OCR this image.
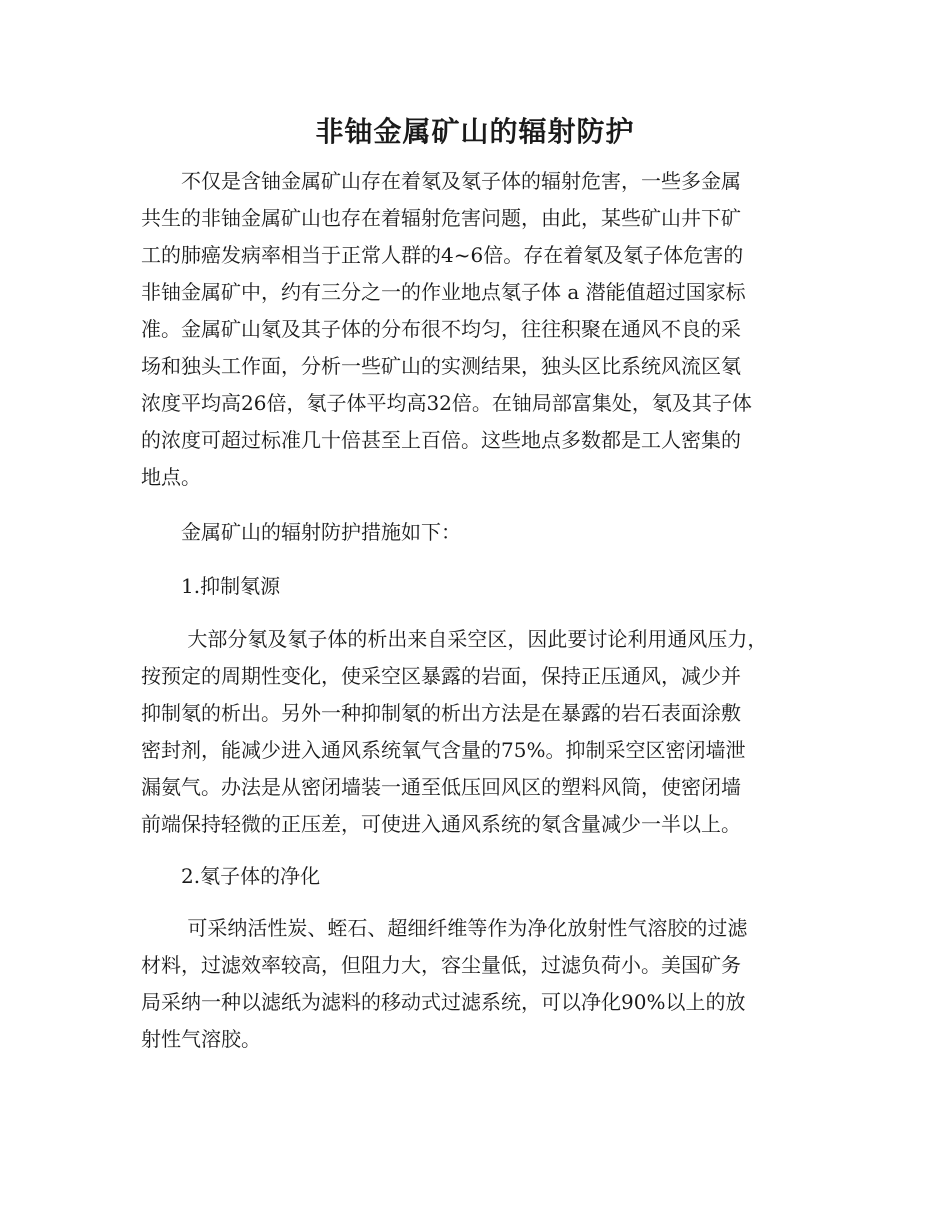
非铀金属矿山的辐射防护
　　不仅是含铀金属矿山存在着氡及氡子体的辐射危害，一些多金属
共生的非铀金属矿山也存在着辐射危害问题，由此，某些矿山井下矿
工的肺癌发病率相当于正常人群的4~6倍。存在着氡及氡子体危害的
非铀金属矿中，约有三分之一的作业地点氡子体 a 潜能值超过国家标
准。金属矿山氡及其子体的分布很不均匀，往往积聚在通风不良的采
场和独头工作面，分析一些矿山的实测结果，独头区比系统风流区氡
浓度平均高26倍，氡子体平均高32倍。在铀局部富集处，氡及其子体
的浓度可超过标准几十倍甚至上百倍。这些地点多数都是工人密集的
地点。
　　金属矿山的辐射防护措施如下：
　　1.抑制氡源
　　 大部分氡及氡子体的析出来自采空区，因此要讨论利用通风压力，
按预定的周期性变化，使采空区暴露的岩面，保持正压通风，减少并
抑制氡的析出。另外一种抑制氡的析出方法是在暴露的岩石表面涂敷
密封剂，能减少进入通风系统氧气含量的75%。抑制采空区密闭墙泄
漏氨气。办法是从密闭墙装一通至低压回风区的塑料风筒，使密闭墙
前端保持轻微的正压差，可使进入通风系统的氡含量减少一半以上。
　　2.氡子体的净化
　　 可采纳活性炭、蛭石、超细纤维等作为净化放射性气溶胶的过滤
材料，过滤效率较高，但阻力大，容尘量低，过滤负荷小。美国矿务
局采纳一种以滤纸为滤料的移动式过滤系统，可以净化90%以上的放
射性气溶胶。
